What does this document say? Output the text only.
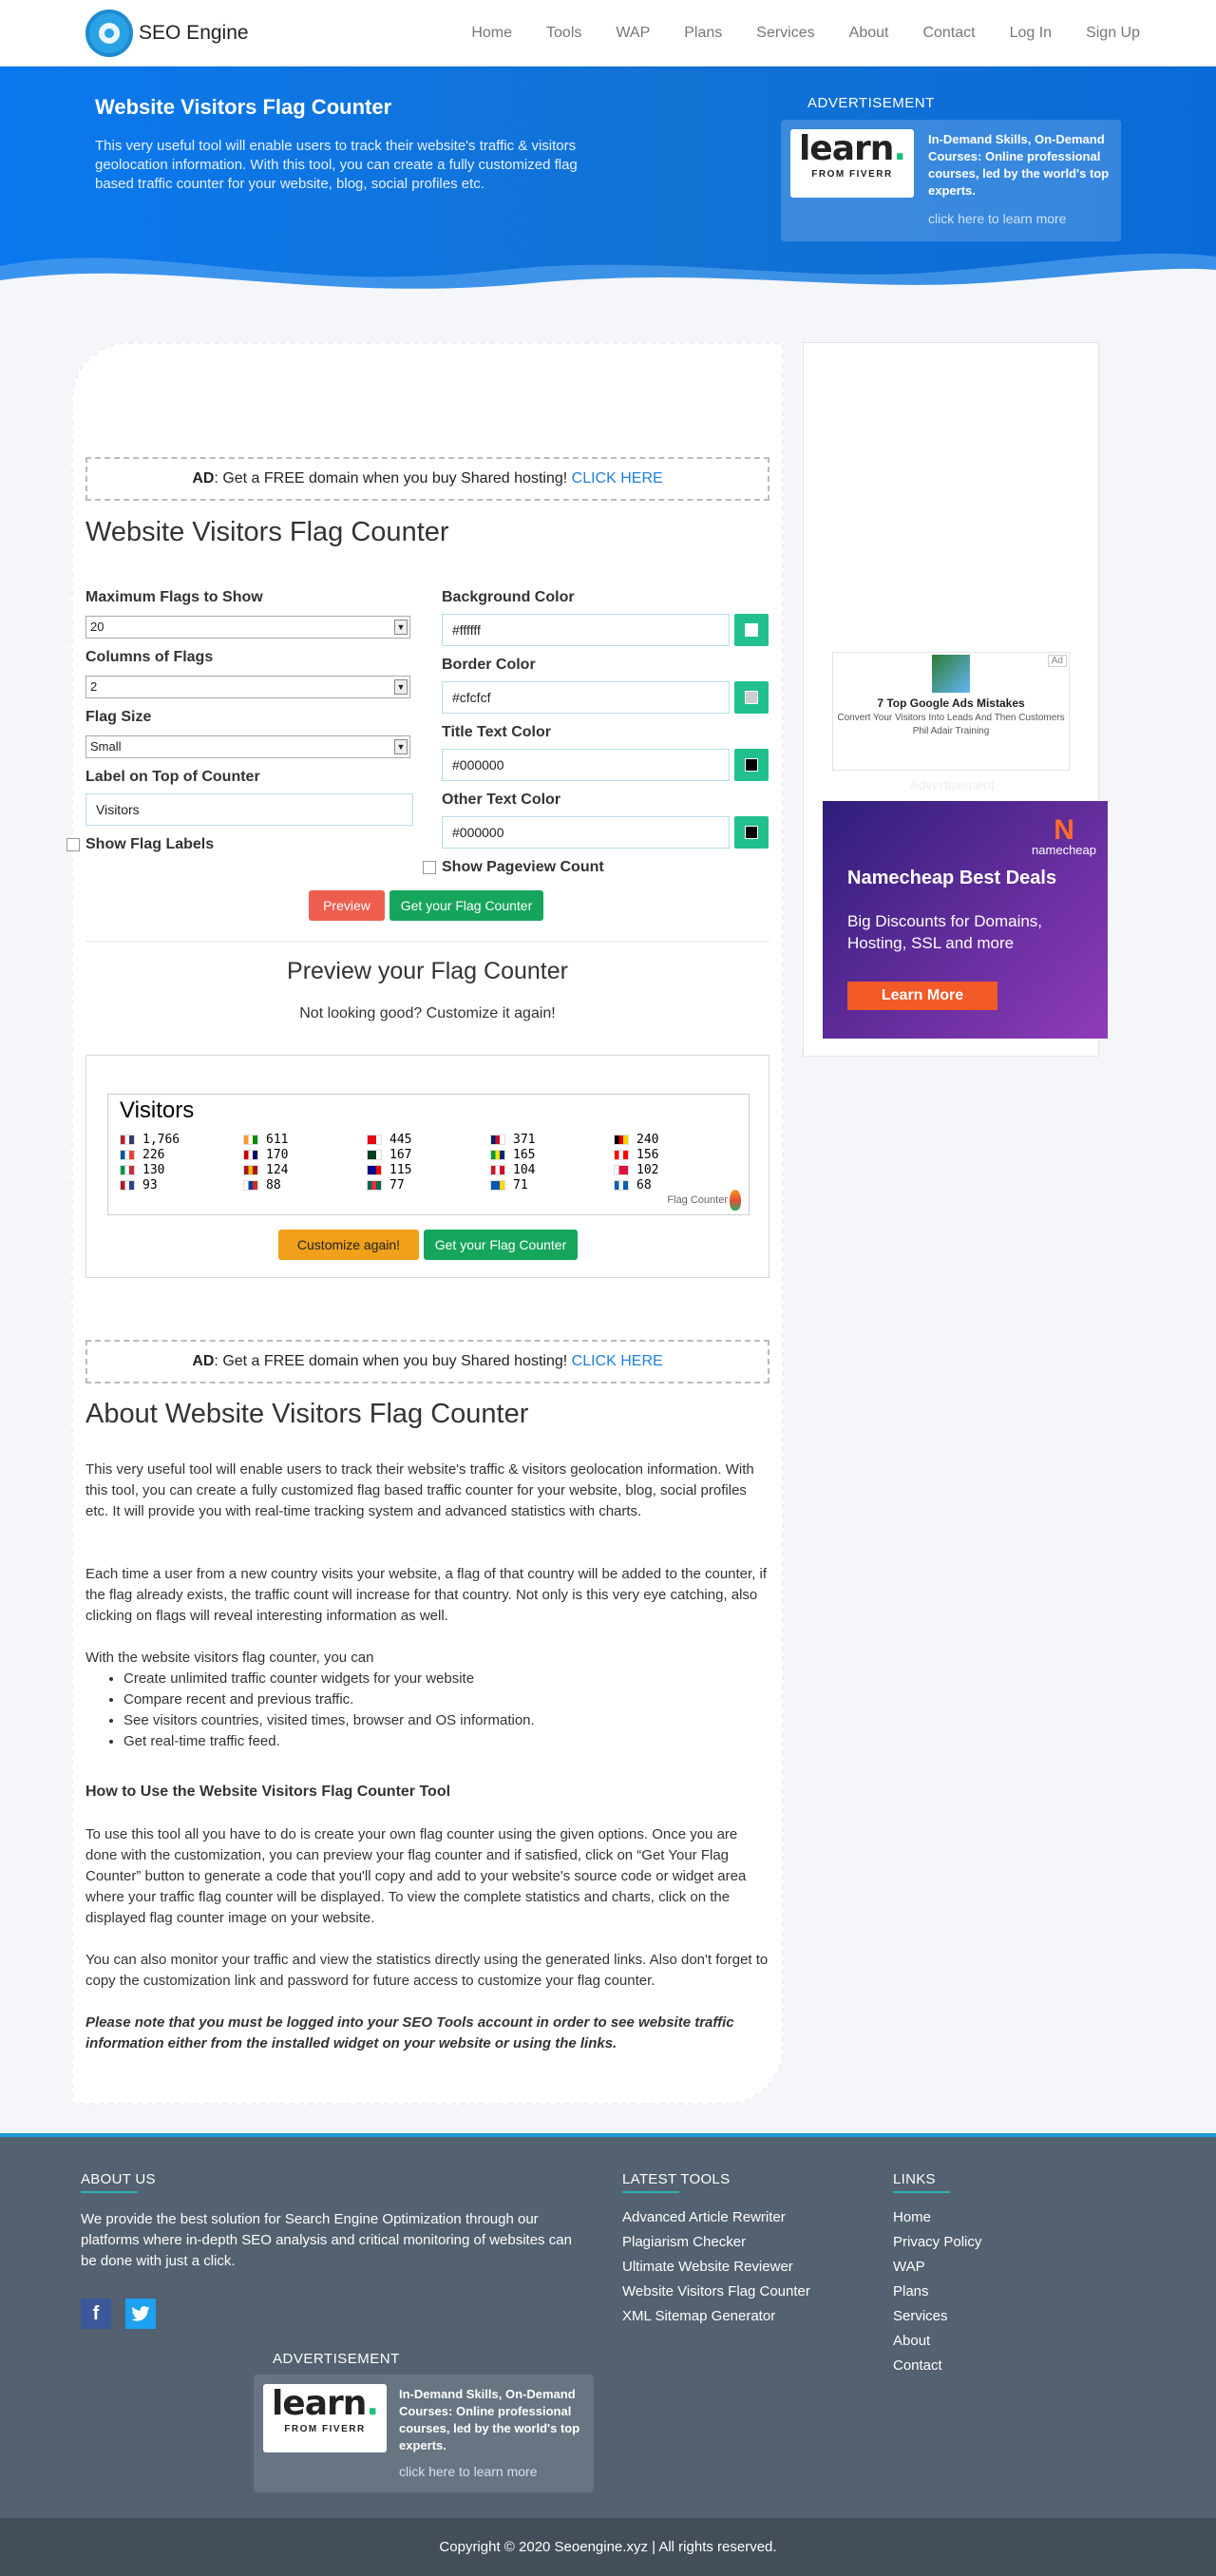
SEO Engine	Home Tools WAP Plans Services About Contact Log In Sign Up
Website Visitors Flag Counter
This very useful tool will enable users to track their website's traffic & visitors geolocation information. With this tool, you can create a fully customized flag based traffic counter for your website, blog, social profiles etc.
ADVERTISEMENT
learn.
FROM FIVERR
In-Demand Skills, On-Demand Courses: Online professional courses, led by the world's top experts.
click here to learn more
AD: Get a FREE domain when you buy Shared hosting! CLICK HERE
Website Visitors Flag Counter
Maximum Flags to Show
20	▼
Columns of Flags
2	▼
Flag Size
Small	▼
Label on Top of Counter
Visitors
Show Flag Labels
Background Color
#ffffff
Border Color
#cfcfcf
Title Text Color
#000000
Other Text Color
#000000
Show Pageview Count
Preview	Get your Flag Counter
Preview your Flag Counter
Not looking good? Customize it again!
Visitors
1,766	611	445	371	240
226	170	167	165	156
130	124	115	104	102
93	88	77	71	68
Flag Counter
Customize again!	Get your Flag Counter
AD: Get a FREE domain when you buy Shared hosting! CLICK HERE
About Website Visitors Flag Counter
This very useful tool will enable users to track their website's traffic & visitors geolocation information. With this tool, you can create a fully customized flag based traffic counter for your website, blog, social profiles etc. It will provide you with real-time tracking system and advanced statistics with charts.
Each time a user from a new country visits your website, a flag of that country will be added to the counter, if the flag already exists, the traffic count will increase for that country. Not only is this very eye catching, also clicking on flags will reveal interesting information as well.
With the website visitors flag counter, you can
• Create unlimited traffic counter widgets for your website
• Compare recent and previous traffic.
• See visitors countries, visited times, browser and OS information.
• Get real-time traffic feed.
How to Use the Website Visitors Flag Counter Tool
To use this tool all you have to do is create your own flag counter using the given options. Once you are done with the customization, you can preview your flag counter and if satisfied, click on “Get Your Flag Counter” button to generate a code that you'll copy and add to your website's source code or widget area where your traffic flag counter will be displayed. To view the complete statistics and charts, click on the displayed flag counter image on your website.
You can also monitor your traffic and view the statistics directly using the generated links. Also don't forget to copy the customization link and password for future access to customize your flag counter.
Please note that you must be logged into your SEO Tools account in order to see website traffic information either from the installed widget on your website or using the links.
Ad
7 Top Google Ads Mistakes
Convert Your Visitors Into Leads And Then Customers
Phil Adair Training
Advertisement
N
namecheap
Namecheap Best Deals
Big Discounts for Domains, Hosting, SSL and more
Learn More
ABOUT US
We provide the best solution for Search Engine Optimization through our platforms where in-depth SEO analysis and critical monitoring of websites can be done with just a click.
f
ADVERTISEMENT
learn.
FROM FIVERR
In-Demand Skills, On-Demand Courses: Online professional courses, led by the world's top experts.
click here to learn more
LATEST TOOLS
Advanced Article Rewriter
Plagiarism Checker
Ultimate Website Reviewer
Website Visitors Flag Counter
XML Sitemap Generator
LINKS
Home
Privacy Policy
WAP
Plans
Services
About
Contact
Copyright © 2020 Seoengine.xyz | All rights reserved.
